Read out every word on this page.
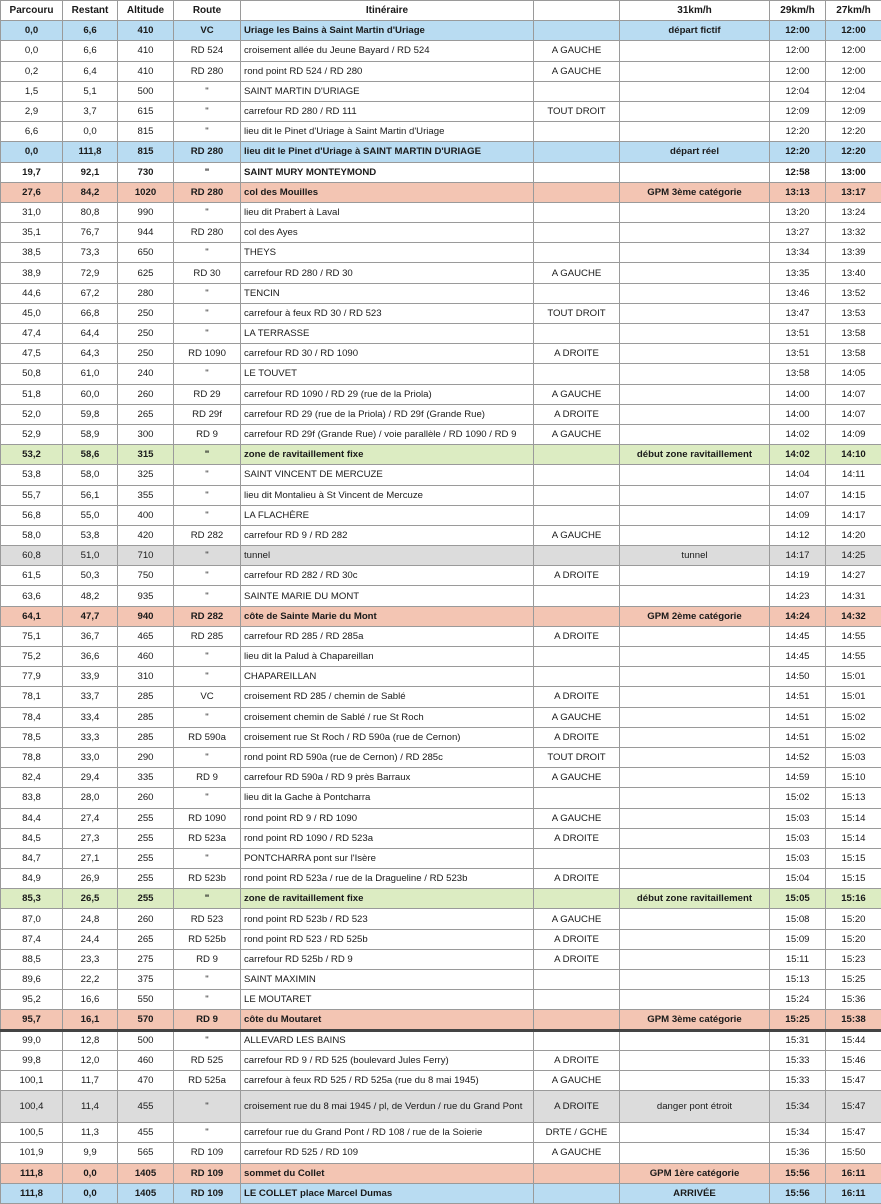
Parcouru	Restant	Altitude	Route	Itinéraire		31km/h	29km/h	27km/h
0,0	6,6	410	VC	Uriage les Bains à Saint Martin d'Uriage		départ fictif	12:00	12:00
0,0	6,6	410	RD 524	croisement allée du Jeune Bayard / RD 524	A GAUCHE		12:00	12:00
0,2	6,4	410	RD 280	rond point RD 524 / RD 280	A GAUCHE		12:00	12:00
1,5	5,1	500	"	SAINT MARTIN D'URIAGE			12:04	12:04
2,9	3,7	615	"	carrefour RD 280 / RD 111	TOUT DROIT		12:09	12:09
6,6	0,0	815	"	lieu dit le Pinet d'Uriage à Saint Martin d'Uriage			12:20	12:20
0,0	111,8	815	RD 280	lieu dit le Pinet d'Uriage à SAINT MARTIN D'URIAGE		départ réel	12:20	12:20
19,7	92,1	730	"	SAINT MURY MONTEYMOND			12:58	13:00
27,6	84,2	1020	RD 280	col des Mouilles		GPM 3ème catégorie	13:13	13:17
31,0	80,8	990	"	lieu dit Prabert à Laval			13:20	13:24
35,1	76,7	944	RD 280	col des Ayes			13:27	13:32
38,5	73,3	650	"	THEYS			13:34	13:39
38,9	72,9	625	RD 30	carrefour RD 280 / RD 30	A GAUCHE		13:35	13:40
44,6	67,2	280	"	TENCIN			13:46	13:52
45,0	66,8	250	"	carrefour à feux RD 30 / RD 523	TOUT DROIT		13:47	13:53
47,4	64,4	250	"	LA TERRASSE			13:51	13:58
47,5	64,3	250	RD 1090	carrefour RD 30 / RD 1090	A DROITE		13:51	13:58
50,8	61,0	240	"	LE TOUVET			13:58	14:05
51,8	60,0	260	RD 29	carrefour RD 1090 / RD 29 (rue de la Priola)	A GAUCHE		14:00	14:07
52,0	59,8	265	RD 29f	carrefour RD 29 (rue de la Priola) / RD 29f (Grande Rue)	A DROITE		14:00	14:07
52,9	58,9	300	RD 9	carrefour RD 29f (Grande Rue) / voie parallèle / RD 1090 / RD 9	A GAUCHE		14:02	14:09
53,2	58,6	315	"	zone de ravitaillement fixe		début zone ravitaillement	14:02	14:10
53,8	58,0	325	"	SAINT VINCENT DE MERCUZE			14:04	14:11
55,7	56,1	355	"	lieu dit Montalieu à St Vincent de Mercuze			14:07	14:15
56,8	55,0	400	"	LA FLACHÈRE			14:09	14:17
58,0	53,8	420	RD 282	carrefour RD 9 / RD 282	A GAUCHE		14:12	14:20
60,8	51,0	710	"	tunnel		tunnel	14:17	14:25
61,5	50,3	750	"	carrefour RD 282 / RD 30c	A DROITE		14:19	14:27
63,6	48,2	935	"	SAINTE MARIE DU MONT			14:23	14:31
64,1	47,7	940	RD 282	côte de Sainte Marie du Mont		GPM 2ème catégorie	14:24	14:32
75,1	36,7	465	RD 285	carrefour RD 285 / RD 285a	A DROITE		14:45	14:55
75,2	36,6	460	"	lieu dit la Palud à Chapareillan			14:45	14:55
77,9	33,9	310	"	CHAPAREILLAN			14:50	15:01
78,1	33,7	285	VC	croisement RD 285 / chemin de Sablé	A DROITE		14:51	15:01
78,4	33,4	285	"	croisement chemin de Sablé / rue St Roch	A GAUCHE		14:51	15:02
78,5	33,3	285	RD 590a	croisement rue St Roch / RD 590a (rue de Cernon)	A DROITE		14:51	15:02
78,8	33,0	290	"	rond point RD 590a (rue de Cernon) / RD 285c	TOUT DROIT		14:52	15:03
82,4	29,4	335	RD 9	carrefour RD 590a / RD 9 près Barraux	A GAUCHE		14:59	15:10
83,8	28,0	260	"	lieu dit la Gache à Pontcharra			15:02	15:13
84,4	27,4	255	RD 1090	rond point RD 9 / RD 1090	A GAUCHE		15:03	15:14
84,5	27,3	255	RD 523a	rond point RD 1090 / RD 523a	A DROITE		15:03	15:14
84,7	27,1	255	"	PONTCHARRA pont sur l'Isère			15:03	15:15
84,9	26,9	255	RD 523b	rond point RD 523a / rue de la Dragueline / RD 523b	A DROITE		15:04	15:15
85,3	26,5	255	"	zone de ravitaillement fixe		début zone ravitaillement	15:05	15:16
87,0	24,8	260	RD 523	rond point RD 523b / RD 523	A GAUCHE		15:08	15:20
87,4	24,4	265	RD 525b	rond point RD 523 / RD 525b	A DROITE		15:09	15:20
88,5	23,3	275	RD 9	carrefour RD 525b / RD 9	A DROITE		15:11	15:23
89,6	22,2	375	"	SAINT MAXIMIN			15:13	15:25
95,2	16,6	550	"	LE MOUTARET			15:24	15:36
95,7	16,1	570	RD 9	côte du Moutaret		GPM 3ème catégorie	15:25	15:38
99,0	12,8	500	"	ALLEVARD LES BAINS			15:31	15:44
99,8	12,0	460	RD 525	carrefour RD 9 / RD 525 (boulevard Jules Ferry)	A DROITE		15:33	15:46
100,1	11,7	470	RD 525a	carrefour à feux RD 525 / RD 525a (rue du 8 mai 1945)	A GAUCHE		15:33	15:47
100,4	11,4	455	"	croisement rue du 8 mai 1945 / pl, de Verdun / rue du Grand Pont	A DROITE	danger pont étroit	15:34	15:47
100,5	11,3	455	"	carrefour rue du Grand Pont / RD 108 / rue de la Soierie	DRTE / GCHE		15:34	15:47
101,9	9,9	565	RD 109	carrefour RD 525 / RD 109	A GAUCHE		15:36	15:50
111,8	0,0	1405	RD 109	sommet du Collet		GPM 1ère catégorie	15:56	16:11
111,8	0,0	1405	RD 109	LE COLLET place Marcel Dumas		ARRIVÉE	15:56	16:11
